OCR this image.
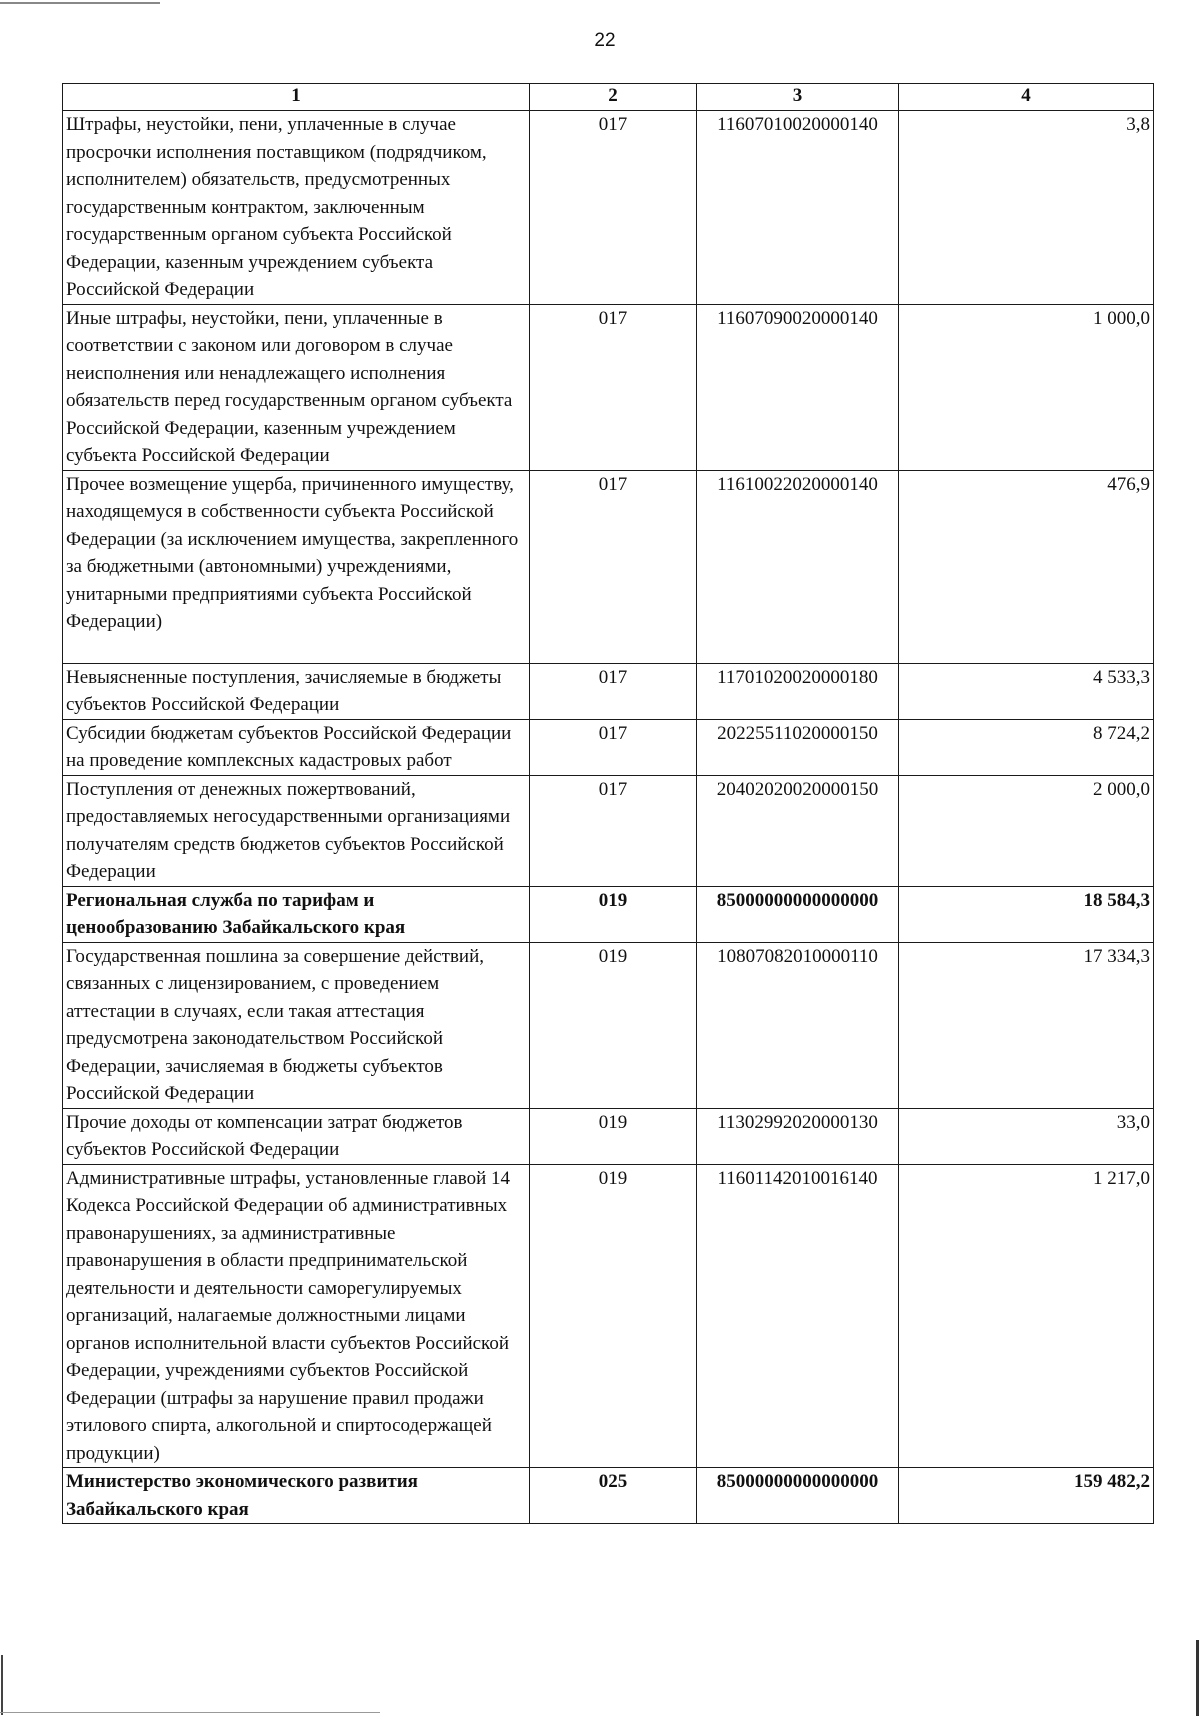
22
1	2	3	4
Штрафы, неустойки, пени, уплаченные в случае просрочки исполнения поставщиком (подрядчиком, исполнителем) обязательств, предусмотренных государственным контрактом, заключенным государственным органом субъекта Российской Федерации, казенным учреждением субъекта Российской Федерации	017	11607010020000140	3,8
Иные штрафы, неустойки, пени, уплаченные в соответствии с законом или договором в случае неисполнения или ненадлежащего исполнения обязательств перед государственным органом субъекта Российской Федерации, казенным учреждением субъекта Российской Федерации	017	11607090020000140	1 000,0
Прочее возмещение ущерба, причиненного имуществу, находящемуся в собственности субъекта Российской Федерации (за исключением имущества, закрепленного за бюджетными (автономными) учреждениями, унитарными предприятиями субъекта Российской Федерации)	017	11610022020000140	476,9
Невыясненные поступления, зачисляемые в бюджеты субъектов Российской Федерации	017	11701020020000180	4 533,3
Субсидии бюджетам субъектов Российской Федерации на проведение комплексных кадастровых работ	017	20225511020000150	8 724,2
Поступления от денежных пожертвований, предоставляемых негосударственными организациями получателям средств бюджетов субъектов Российской Федерации	017	20402020020000150	2 000,0
Региональная служба по тарифам и ценообразованию Забайкальского края	019	85000000000000000	18 584,3
Государственная пошлина за совершение действий, связанных с лицензированием, с проведением аттестации в случаях, если такая аттестация предусмотрена законодательством Российской Федерации, зачисляемая в бюджеты субъектов Российской Федерации	019	10807082010000110	17 334,3
Прочие доходы от компенсации затрат бюджетов субъектов Российской Федерации	019	11302992020000130	33,0
Административные штрафы, установленные главой 14 Кодекса Российской Федерации об административных правонарушениях, за административные правонарушения в области предпринимательской деятельности и деятельности саморегулируемых организаций, налагаемые должностными лицами органов исполнительной власти субъектов Российской Федерации, учреждениями субъектов Российской Федерации (штрафы за нарушение правил продажи этилового спирта, алкогольной и спиртосодержащей продукции)	019	11601142010016140	1 217,0
Министерство экономического развития Забайкальского края	025	85000000000000000	159 482,2
